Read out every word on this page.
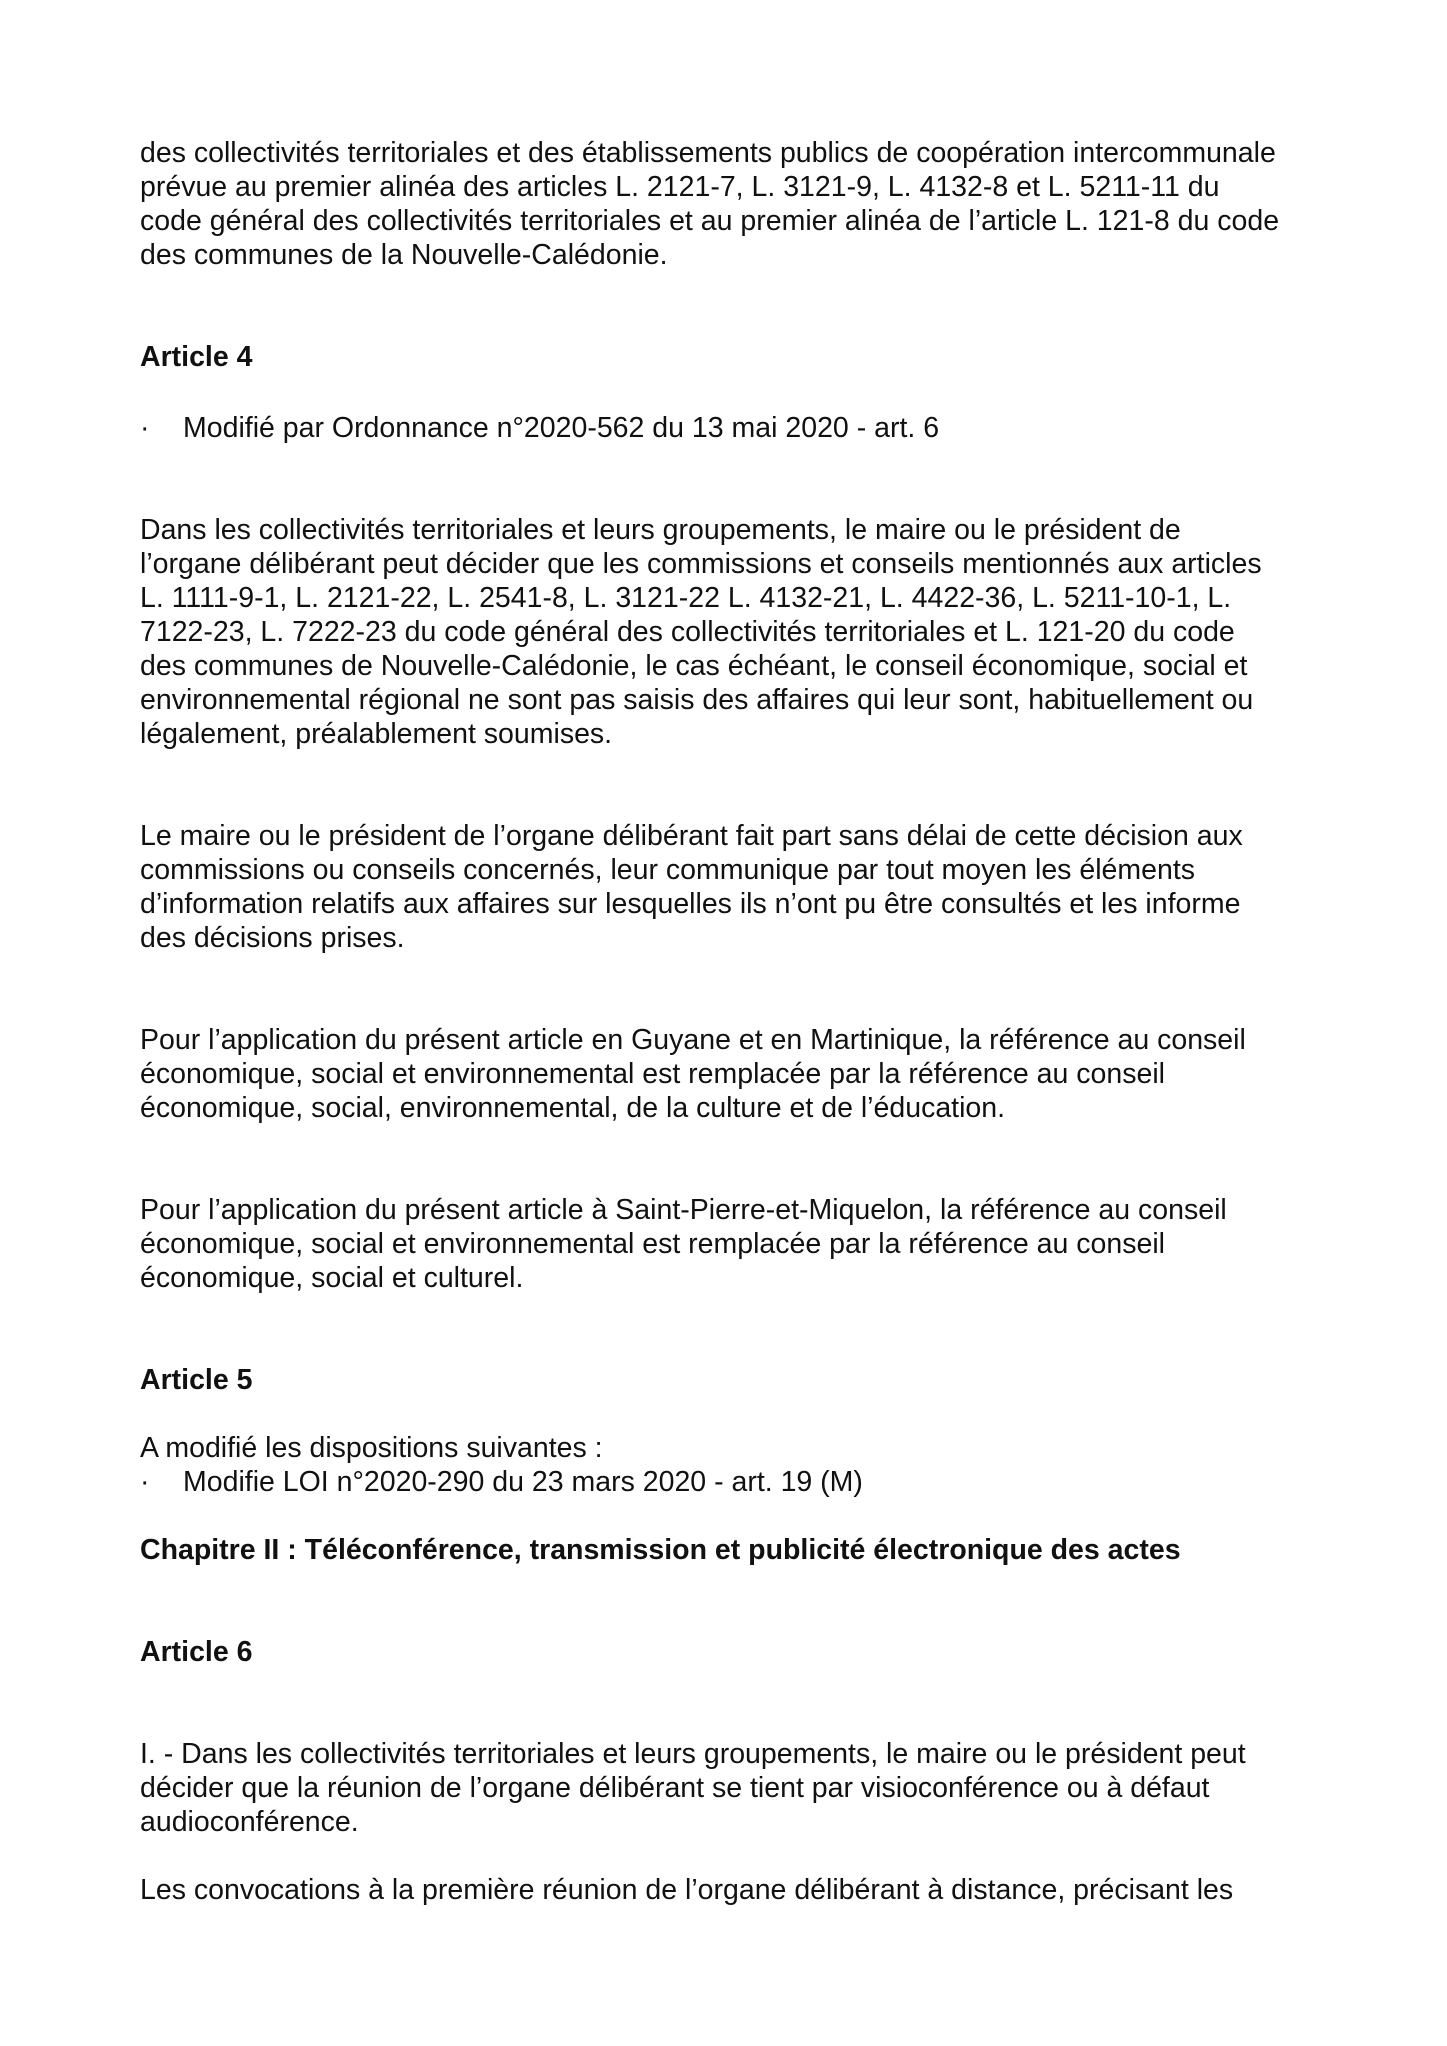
des collectivités territoriales et des établissements publics de coopération intercommunale
prévue au premier alinéa des articles L. 2121-7, L. 3121-9, L. 4132-8 et L. 5211-11 du
code général des collectivités territoriales et au premier alinéa de l’article L. 121-8 du code
des communes de la Nouvelle-Calédonie.
Article 4
· Modifié par Ordonnance n°2020-562 du 13 mai 2020 - art. 6
Dans les collectivités territoriales et leurs groupements, le maire ou le président de
l’organe délibérant peut décider que les commissions et conseils mentionnés aux articles
L. 1111-9-1, L. 2121-22, L. 2541-8, L. 3121-22 L. 4132-21, L. 4422-36, L. 5211-10-1, L.
7122-23, L. 7222-23 du code général des collectivités territoriales et L. 121-20 du code
des communes de Nouvelle-Calédonie, le cas échéant, le conseil économique, social et
environnemental régional ne sont pas saisis des affaires qui leur sont, habituellement ou
légalement, préalablement soumises.
Le maire ou le président de l’organe délibérant fait part sans délai de cette décision aux
commissions ou conseils concernés, leur communique par tout moyen les éléments
d’information relatifs aux affaires sur lesquelles ils n’ont pu être consultés et les informe
des décisions prises.
Pour l’application du présent article en Guyane et en Martinique, la référence au conseil
économique, social et environnemental est remplacée par la référence au conseil
économique, social, environnemental, de la culture et de l’éducation.
Pour l’application du présent article à Saint-Pierre-et-Miquelon, la référence au conseil
économique, social et environnemental est remplacée par la référence au conseil
économique, social et culturel.
Article 5
A modifié les dispositions suivantes :
· Modifie LOI n°2020-290 du 23 mars 2020 - art. 19 (M)
Chapitre II : Téléconférence, transmission et publicité électronique des actes
Article 6
I. - Dans les collectivités territoriales et leurs groupements, le maire ou le président peut
décider que la réunion de l’organe délibérant se tient par visioconférence ou à défaut
audioconférence.
Les convocations à la première réunion de l’organe délibérant à distance, précisant les
